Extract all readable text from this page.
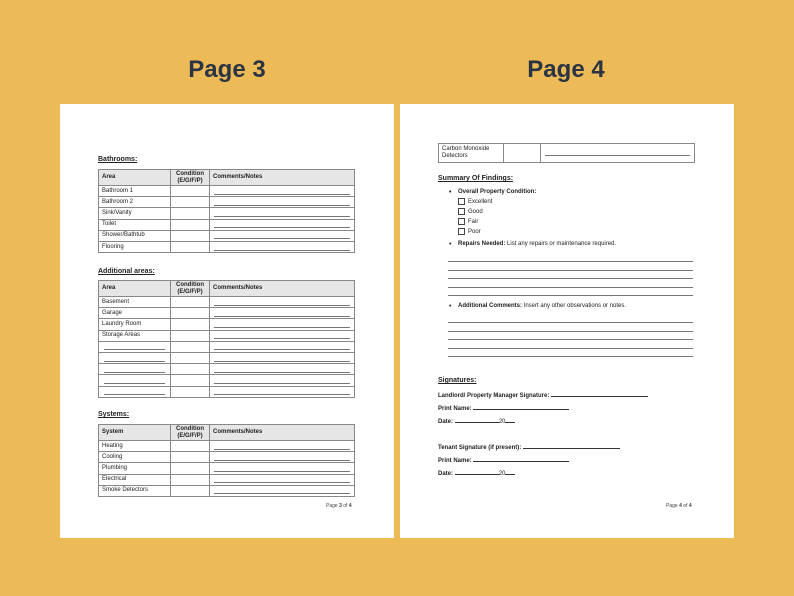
Page 3	Page 4
Bathrooms:
Area	Condition (E/G/F/P)	Comments/Notes
Bathroom 1		

Bathroom 2		

Sink/Vanity		

Toilet		

Shower/Bathtub		

Flooring		
Additional areas:
Area	Condition (E/G/F/P)	Comments/Notes
Basement		

Garage		

Laundry Room		

Storage Areas		

Systems:
System	Condition (E/G/F/P)	Comments/Notes
Heating		

Cooling		

Plumbing		

Electrical		

Smoke Detectors		
Page 3 of 4
Carbon Monoxide Detectors		
Summary Of Findings:
• Overall Property Condition:
Excellent
Good
Fair
Poor
• Repairs Needed: List any repairs or maintenance required.
• Additional Comments: Insert any other observations or notes.
Signatures:
Landlord/ Property Manager Signature:
Print Name:
Date:	20
Tenant Signature (if present):
Print Name:
Date:	20
Page 4 of 4
